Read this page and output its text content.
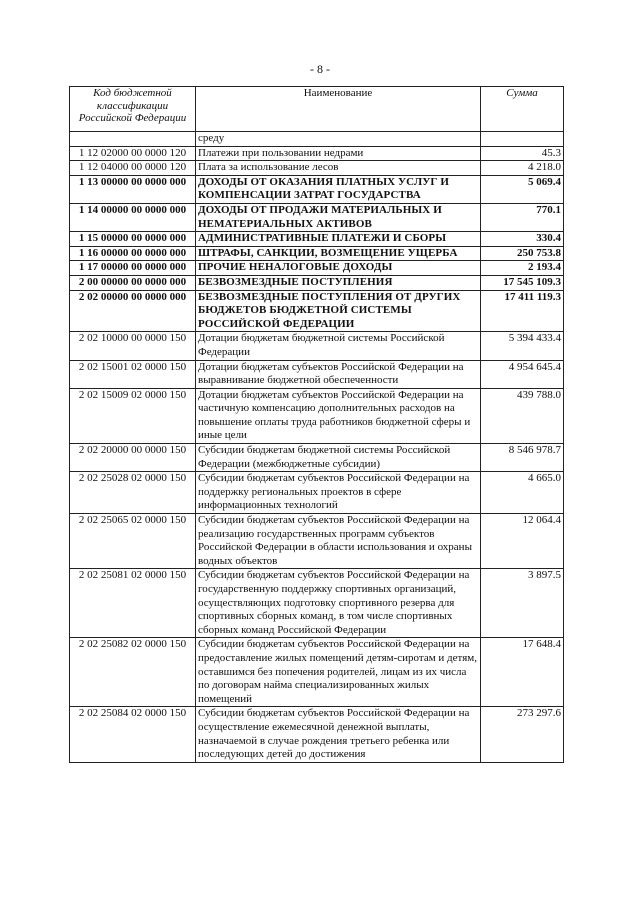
- 8 -
Код бюджетной классификации Российской Федерации	Наименование	Сумма
	среду	
1 12 02000 00 0000 120	Платежи при пользовании недрами	45.3
1 12 04000 00 0000 120	Плата за использование лесов	4 218.0
1 13 00000 00 0000 000	ДОХОДЫ ОТ ОКАЗАНИЯ ПЛАТНЫХ УСЛУГ И КОМПЕНСАЦИИ ЗАТРАТ ГОСУДАРСТВА	5 069.4
1 14 00000 00 0000 000	ДОХОДЫ ОТ ПРОДАЖИ МАТЕРИАЛЬНЫХ И НЕМАТЕРИАЛЬНЫХ АКТИВОВ	770.1
1 15 00000 00 0000 000	АДМИНИСТРАТИВНЫЕ ПЛАТЕЖИ И СБОРЫ	330.4
1 16 00000 00 0000 000	ШТРАФЫ, САНКЦИИ, ВОЗМЕЩЕНИЕ УЩЕРБА	250 753.8
1 17 00000 00 0000 000	ПРОЧИЕ НЕНАЛОГОВЫЕ ДОХОДЫ	2 193.4
2 00 00000 00 0000 000	БЕЗВОЗМЕЗДНЫЕ ПОСТУПЛЕНИЯ	17 545 109.3
2 02 00000 00 0000 000	БЕЗВОЗМЕЗДНЫЕ ПОСТУПЛЕНИЯ ОТ ДРУГИХ БЮДЖЕТОВ БЮДЖЕТНОЙ СИСТЕМЫ РОССИЙСКОЙ ФЕДЕРАЦИИ	17 411 119.3
2 02 10000 00 0000 150	Дотации бюджетам бюджетной системы Российской Федерации	5 394 433.4
2 02 15001 02 0000 150	Дотации бюджетам субъектов Российской Федерации на выравнивание бюджетной обеспеченности	4 954 645.4
2 02 15009 02 0000 150	Дотации бюджетам субъектов Российской Федерации на частичную компенсацию дополнительных расходов на повышение оплаты труда работников бюджетной сферы и иные цели	439 788.0
2 02 20000 00 0000 150	Субсидии бюджетам бюджетной системы Российской Федерации (межбюджетные субсидии)	8 546 978.7
2 02 25028 02 0000 150	Субсидии бюджетам субъектов Российской Федерации на поддержку региональных проектов в сфере информационных технологий	4 665.0
2 02 25065 02 0000 150	Субсидии бюджетам субъектов Российской Федерации на реализацию государственных программ субъектов Российской Федерации в области использования и охраны водных объектов	12 064.4
2 02 25081 02 0000 150	Субсидии бюджетам субъектов Российской Федерации на государственную поддержку спортивных организаций, осуществляющих подготовку спортивного резерва для спортивных сборных команд, в том числе спортивных сборных команд Российской Федерации	3 897.5
2 02 25082 02 0000 150	Субсидии бюджетам субъектов Российской Федерации на предоставление жилых помещений детям-сиротам и детям, оставшимся без попечения родителей, лицам из их числа по договорам найма специализированных жилых помещений	17 648.4
2 02 25084 02 0000 150	Субсидии бюджетам субъектов Российской Федерации на осуществление ежемесячной денежной выплаты, назначаемой в случае рождения третьего ребенка или последующих детей до достижения	273 297.6
